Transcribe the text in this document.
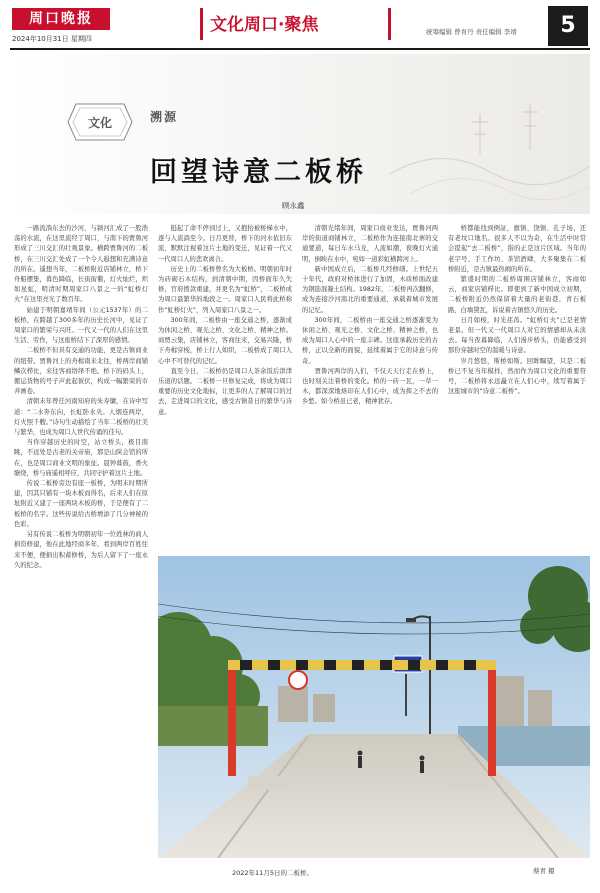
周口晚报
2024年10月31日 星期四
文化周口·聚焦	统筹编辑 曾育丹 责任编辑 李靖	5
文化	溯源
回望诗意二板桥
顾永鑫

一路流淌东去的沙河，与颍河汇成了一股浩荡的水流，在这里流经了周口，与南下的贾鲁河形成了三川交汇的壮观景象。横跨贾鲁河的二板桥，在三川交汇处成了一个令人遐想和充满诗意的所在。遥想当年，二板桥附近店铺林立，桥下舟船摆集，暮色降临，长街街衢，灯火灿烂，炽如星虹，明清时期周家口八景之一的“虹桥灯火”在这里亮光了数百年。

始建于明朝嘉靖年间（公元1537年）的二板桥，在跨越了300多年的历史长河中，见证了周家口的繁荣与兴旺。一代又一代的人们在这里生活、劳作，与这座桥结下了深厚的感情。

二板桥不但具有交通的功能，更是古镇商业的纽带。贾鲁河上的舟楫南来北往，桥两岸商铺鳞次栉比，来往客商络绎不绝。桥下的码头上，搬运货物的号子声此起彼伏，构成一幅繁荣的市井画卷。

清朝末年曾任河南知府的朱寿镛，在诗中写道：“二水奔东向，长虹卧水央。人烟连两岸，灯火照千艘。”诗句生动描绘了当年二板桥的壮美与繁华，也成为周口人世代传诵的佳句。

当你穿越历史的时空，站立桥头，极目南眺，不远处是古老的关帝庙，那是山陕会馆的所在，也是周口商业文明的象征。晨钟暮鼓，香火缭绕，桥与庙遥相呼应，共同守护着这片土地。

传说二板桥旁边有座一板桥，为明末时期所建，因其只铺有一块木板而得名，后来人们在原址附近又建了一座两块木板的桥，于是便有了二板桥的名字。这些传说给古桥增添了几分神秘的色彩。

另有传说二板桥为明朝初年一位姓林的商人捐资修建，他在此地经商多年，看到两岸百姓往来不便，便捐出积蓄修桥，为后人留下了一座永久的纪念。

挺起了命不停到过上，又抱抬被桥梯水中，逐与人流淌至今。日月更替，桥下的河水依旧东流，默默注视着这片土地的变迁，见证着一代又一代周口人的悲欢离合。

历史上的二板桥曾名为大板桥。明朝初年时为砖砌石木结构，到清朝中期，因桥面年久失修，官府拨款重建，并更名为“虹桥”，二板桥成为周口最繁华的地段之一。周家口人民将此桥称作“虹桥灯火”，列入周家口八景之一。

300年间，二板桥由一座交通之桥，逐渐成为休闲之桥、观光之桥、文化之桥、精神之桥。商贾云集，店铺林立，客商往来，交易兴隆，桥下舟楫穿梭，桥上行人如织，二板桥成了周口人心中不可替代的记忆。

直至今日，二板桥仍是周口人茶余饭后津津乐道的话题。二板桥一旦修复完成，将成为周口重要的历史文化地标，让更多的人了解周口的过去，走进周口的文化，感受古镇昔日的繁华与诗意。

清朝光绪年间，周家口商业发达，贾鲁河两岸的街道商铺林立，二板桥作为连接南北寨的交通要道，每日车水马龙，人流如潮，夜晚灯火通明，倒映在水中，宛如一道彩虹横跨河上。

新中国成立后，二板桥几经修缮。上世纪五十年代，政府对桥体进行了加固，木质桥面改建为钢筋混凝土结构。1982年，二板桥再次翻修，成为连接沙河南北的重要通道，承载着城市发展的记忆。

300年间，二板桥由一座交通之桥逐渐变为休闲之桥、观光之桥、文化之桥、精神之桥，也成为周口人心中的一座丰碑。这座承载历史的古桥，正以全新的面貌，延续着属于它的诗意与传奇。

贾鲁河两岸的人们，不仅天天行走在桥上，也时刻关注着桥的变化。桥的一砖一瓦，一草一木，都深深地烙印在人们心中，成为挥之不去的乡愁。如今桥虽已老，精神犹存。

桥都能找到例証，旗镇、饶镇、孔子场，还有老坟口地名。很多人不以为奇，在生活中时常会提起“去二板桥”，指的正是这片区域。当年的老字号、手工作坊、茶馆酒肆，大多聚集在二板桥附近，是古镇最热闹的所在。

繁盛时期的二板桥周围店铺林立，客商如云，商家店铺栉比。即使到了新中国成立初期，二板桥附近仍然保留着大量的老街巷，青石板路，白墙黛瓦，诉说着古镇悠久的历史。

日月如梭，时光荏苒。“虹桥灯火”已是老情老景。但一代又一代周口人对它的情感却从未淡去。每当夜幕降临，人们漫步桥头，仍能感受到那份穿越时空的温暖与诗意。

岁月悠悠，斯桥如斯。回眸瞩望，只是二板桥已不复当年模样，然而作为周口文化的重要符号，二板桥将永远矗立在人们心中，续写着属于这座城市的“诗意二板桥”。

2022年11月5日的二板桥。	蔡青 摄
